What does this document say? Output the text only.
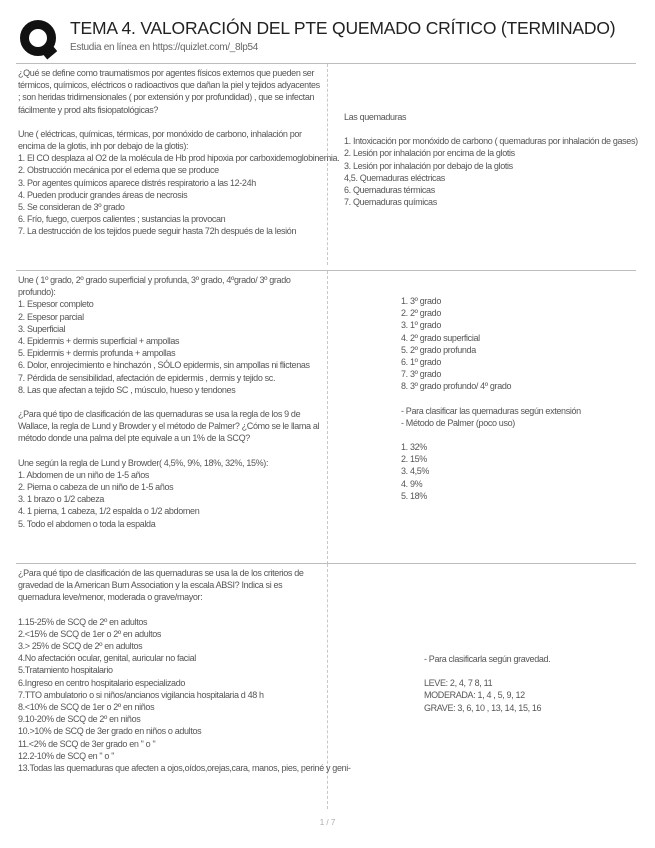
TEMA 4. VALORACIÓN DEL PTE QUEMADO CRÍTICO (TERMINADO)
Estudia en línea en https://quizlet.com/_8lp54

¿Qué se define como traumatismos por agentes físicos externos que pueden ser térmicos, químicos, eléctricos o radioactivos que dañan la piel y tejidos adyacentes ; son heridas tridimensionales ( por extensión y por profundidad) , que se infectan fácilmente y prod alts fisiopatológicas?

Une ( eléctricas, químicas, térmicas, por monóxido de carbono, inhalación por encima de la glotis, inh por debajo de la glotis):

1. El CO desplaza al O2 de la molécula de Hb prod hipoxia por carboxidemoglobinemia.
2. Obstrucción mecánica por el edema que se produce
3. Por agentes químicos aparece distrés respiratorio a las 12-24h
4. Pueden producir grandes áreas de necrosis
5. Se consideran de 3º grado
6. Frío, fuego, cuerpos calientes ; sustancias la provocan
7. La destrucción de los tejidos puede seguir hasta 72h después de la lesión

Las quemaduras

1. Intoxicación por monóxido de carbono ( quemaduras por inhalación de gases)
2. Lesión por inhalación por encima de la glotis
3. Lesión por inhalación por debajo de la glotis
4,5. Quemaduras eléctricas
6. Quemaduras térmicas
7. Quemaduras químicas

Une ( 1º grado, 2º grado superficial y profunda, 3º grado, 4ºgrado/ 3º grado profundo):

1. Espesor completo
2. Espesor parcial
3. Superficial
4. Epidermis + dermis superficial + ampollas
5. Epidermis + dermis profunda + ampollas
6. Dolor, enrojecimiento e hinchazón , SÓLO epidermis, sin ampollas ni flictenas
7. Pérdida de sensibilidad, afectación de epidermis , dermis y tejido sc.
8. Las que afectan a tejido SC , músculo, hueso y tendones

¿Para qué tipo de clasificación de las quemaduras se usa la regla de los 9 de Wallace, la regla de Lund y Browder y el método de Palmer? ¿Cómo se le llama al método donde una palma del pte equivale a un 1% de la SCQ?

Une según la regla de Lund y Browder( 4,5%, 9%, 18%, 32%, 15%):

1. Abdomen de un niño de 1-5 años
2. Pierna o cabeza de un niño de 1-5 años
3. 1 brazo o 1/2 cabeza
4. 1 pierna, 1 cabeza, 1/2 espalda o 1/2 abdomen
5. Todo el abdomen o toda la espalda
1. 3º grado
2. 2º grado
3. 1º grado
4. 2º grado superficial
5. 2º grado profunda
6. 1º grado
7. 3º grado
8. 3º grado profundo/ 4º grado
- Para clasificar las quemaduras según extensión
- Método de Palmer (poco uso)
1. 32%
2. 15%
3. 4,5%
4. 9%
5. 18%

¿Para qué tipo de clasificación de las quemaduras se usa la de los criterios de gravedad de la American Burn Association y la escala ABSI? Indica si es quemadura leve/menor, moderada o grave/mayor:

1.15-25% de SCQ de 2º en adultos
2.<15% de SCQ de 1er o 2º en adultos
3.> 25% de SCQ de 2º en adultos
4.No afectación ocular, genital, auricular no facial
5.Tratamiento hospitalario
6.Ingreso en centro hospitalario especializado
7.TTO ambulatorio o si niños/ancianos vigilancia hospitalaria d 48 h
8.<10% de SCQ de 1er o 2º en niños
9.10-20% de SCQ de 2º en niños
10.>10% de SCQ de 3er grado en niños o adultos
11.<2% de SCQ de 3er grado en " o "
12.2-10% de SCQ en " o "
13.Todas las quemaduras que afecten a ojos,oídos,orejas,cara, manos, pies, periné y geni-

- Para clasificarla según gravedad.

LEVE: 2, 4, 7 8, 11
MODERADA: 1, 4 , 5, 9, 12
GRAVE: 3, 6, 10 , 13, 14, 15, 16
1 / 7
